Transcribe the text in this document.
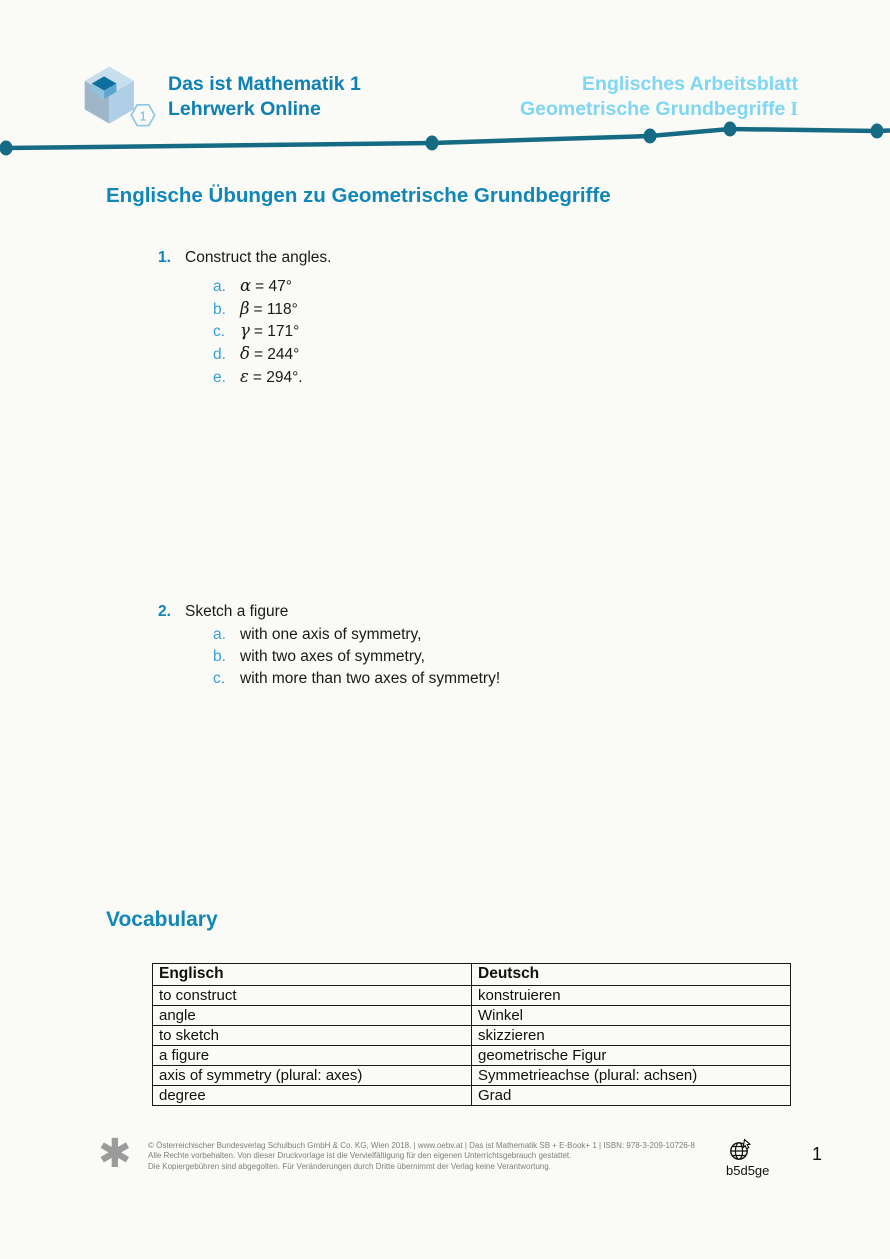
1
Das ist Mathematik 1
Lehrwerk Online
Englisches Arbeitsblatt
Geometrische Grundbegriffe I
Englische Übungen zu Geometrische Grundbegriffe
1. Construct the angles.
a. α = 47°
b. β = 118°
c. γ = 171°
d. δ = 244°
e. ε = 294°.
2. Sketch a figure
a. with one axis of symmetry,
b. with two axes of symmetry,
c. with more than two axes of symmetry!
Vocabulary
Englisch	Deutsch
to construct	konstruieren
angle	Winkel
to sketch	skizzieren
a figure	geometrische Figur
axis of symmetry (plural: axes)	Symmetrieachse (plural: achsen)
degree	Grad
✱ © Österreichischer Bundesverlag Schulbuch GmbH & Co. KG, Wien 2018. | www.oebv.at | Das ist Mathematik SB + E-Book+ 1 | ISBN: 978-3-209-10726-8
Alle Rechte vorbehalten. Von dieser Druckvorlage ist die Vervielfältigung für den eigenen Unterrichtsgebrauch gestattet.
Die Kopiergebühren sind abgegolten. Für Veränderungen durch Dritte übernimmt der Verlag keine Verantwortung.	b5d5ge
1
